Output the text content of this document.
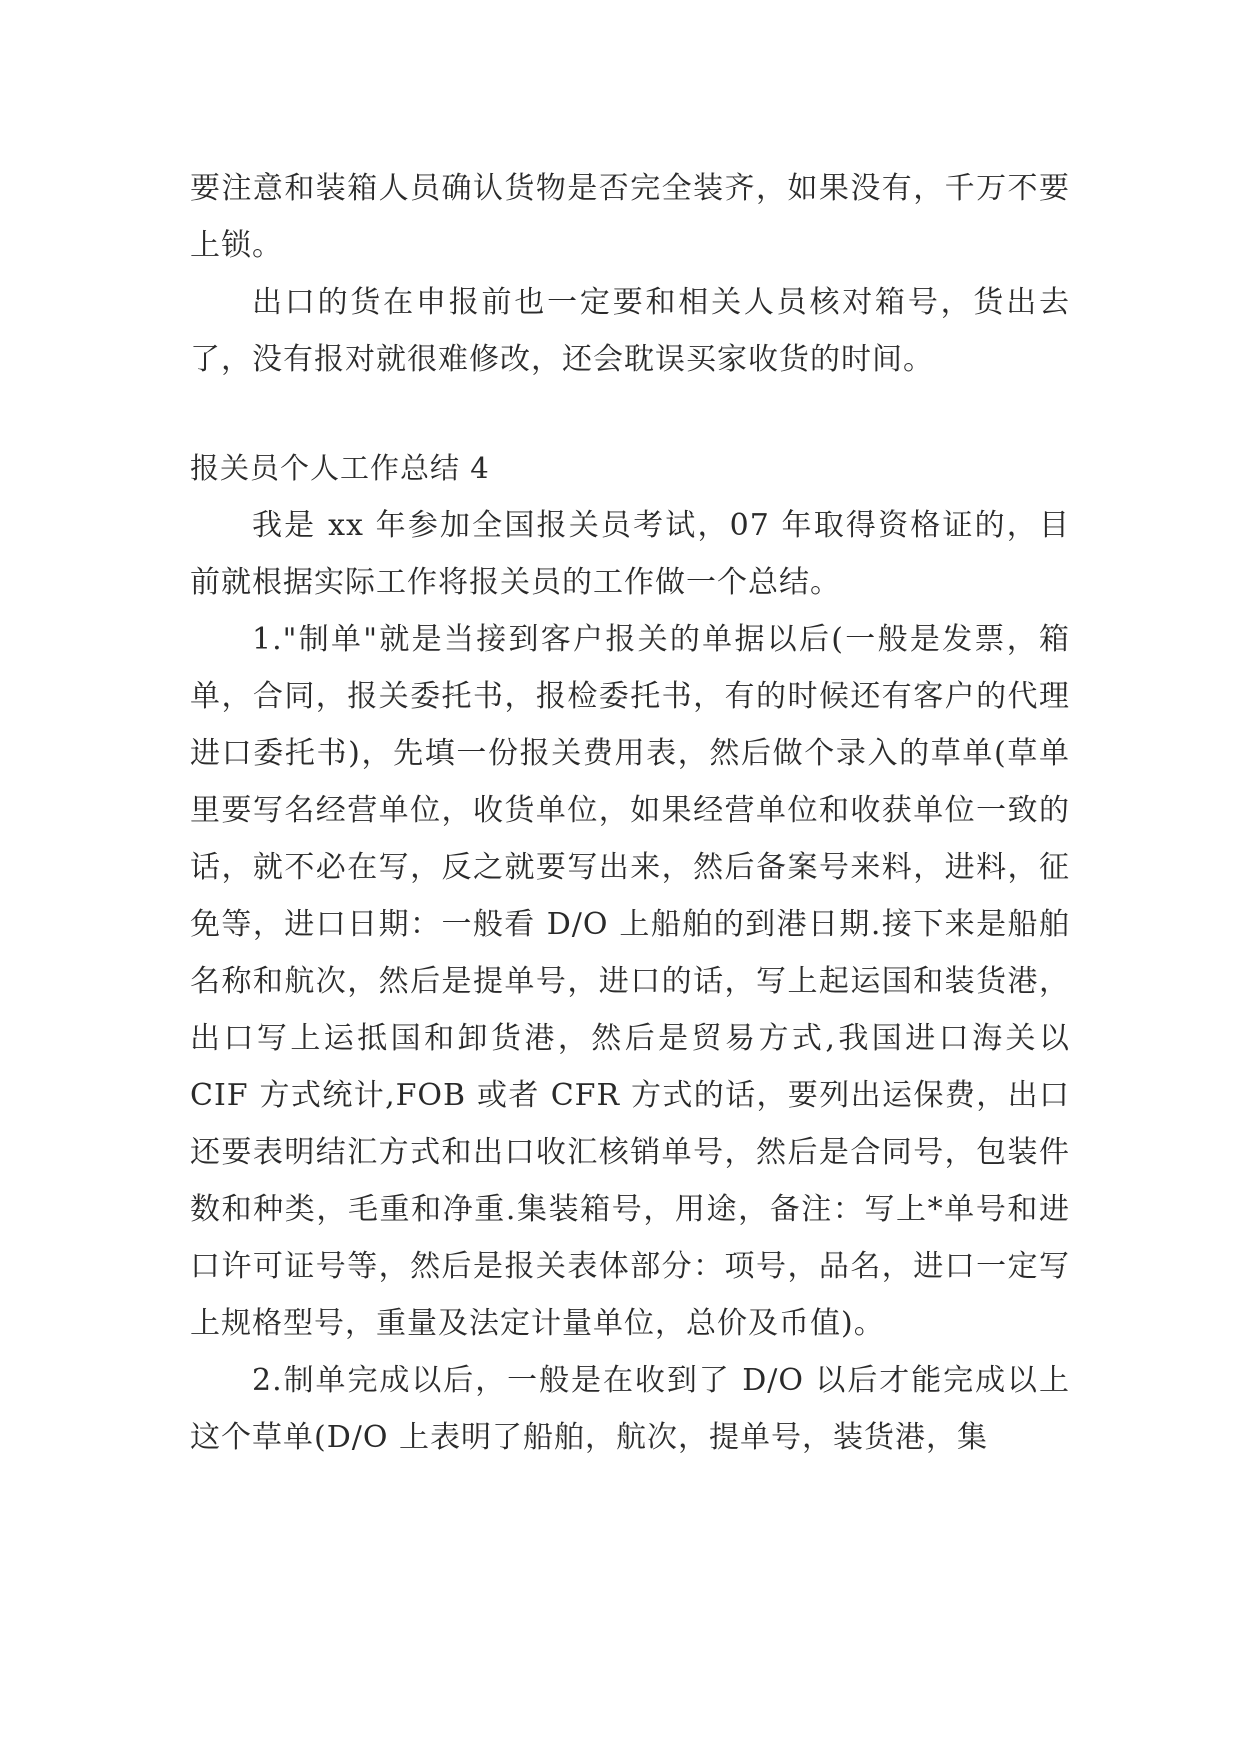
要注意和装箱人员确认货物是否完全装齐，如果没有，千万不要上锁。

出口的货在申报前也一定要和相关人员核对箱号，货出去了，没有报对就很难修改，还会耽误买家收货的时间。

报关员个人工作总结 4

我是 xx 年参加全国报关员考试，07 年取得资格证的，目前就根据实际工作将报关员的工作做一个总结。

1."制单"就是当接到客户报关的单据以后(一般是发票，箱单，合同，报关委托书，报检委托书，有的时候还有客户的代理进口委托书)，先填一份报关费用表，然后做个录入的草单(草单里要写名经营单位，收货单位，如果经营单位和收获单位一致的话，就不必在写，反之就要写出来，然后备案号来料，进料，征免等，进口日期：一般看 D/O 上船舶的到港日期.接下来是船舶名称和航次，然后是提单号，进口的话，写上起运国和装货港，出口写上运抵国和卸货港，然后是贸易方式,我国进口海关以 CIF 方式统计,FOB 或者 CFR 方式的话，要列出运保费，出口还要表明结汇方式和出口收汇核销单号，然后是合同号，包装件数和种类，毛重和净重.集装箱号，用途，备注：写上*单号和进口许可证号等，然后是报关表体部分：项号，品名，进口一定写上规格型号，重量及法定计量单位，总价及币值)。

2.制单完成以后，一般是在收到了 D/O 以后才能完成以上这个草单(D/O 上表明了船舶，航次，提单号，装货港，集
